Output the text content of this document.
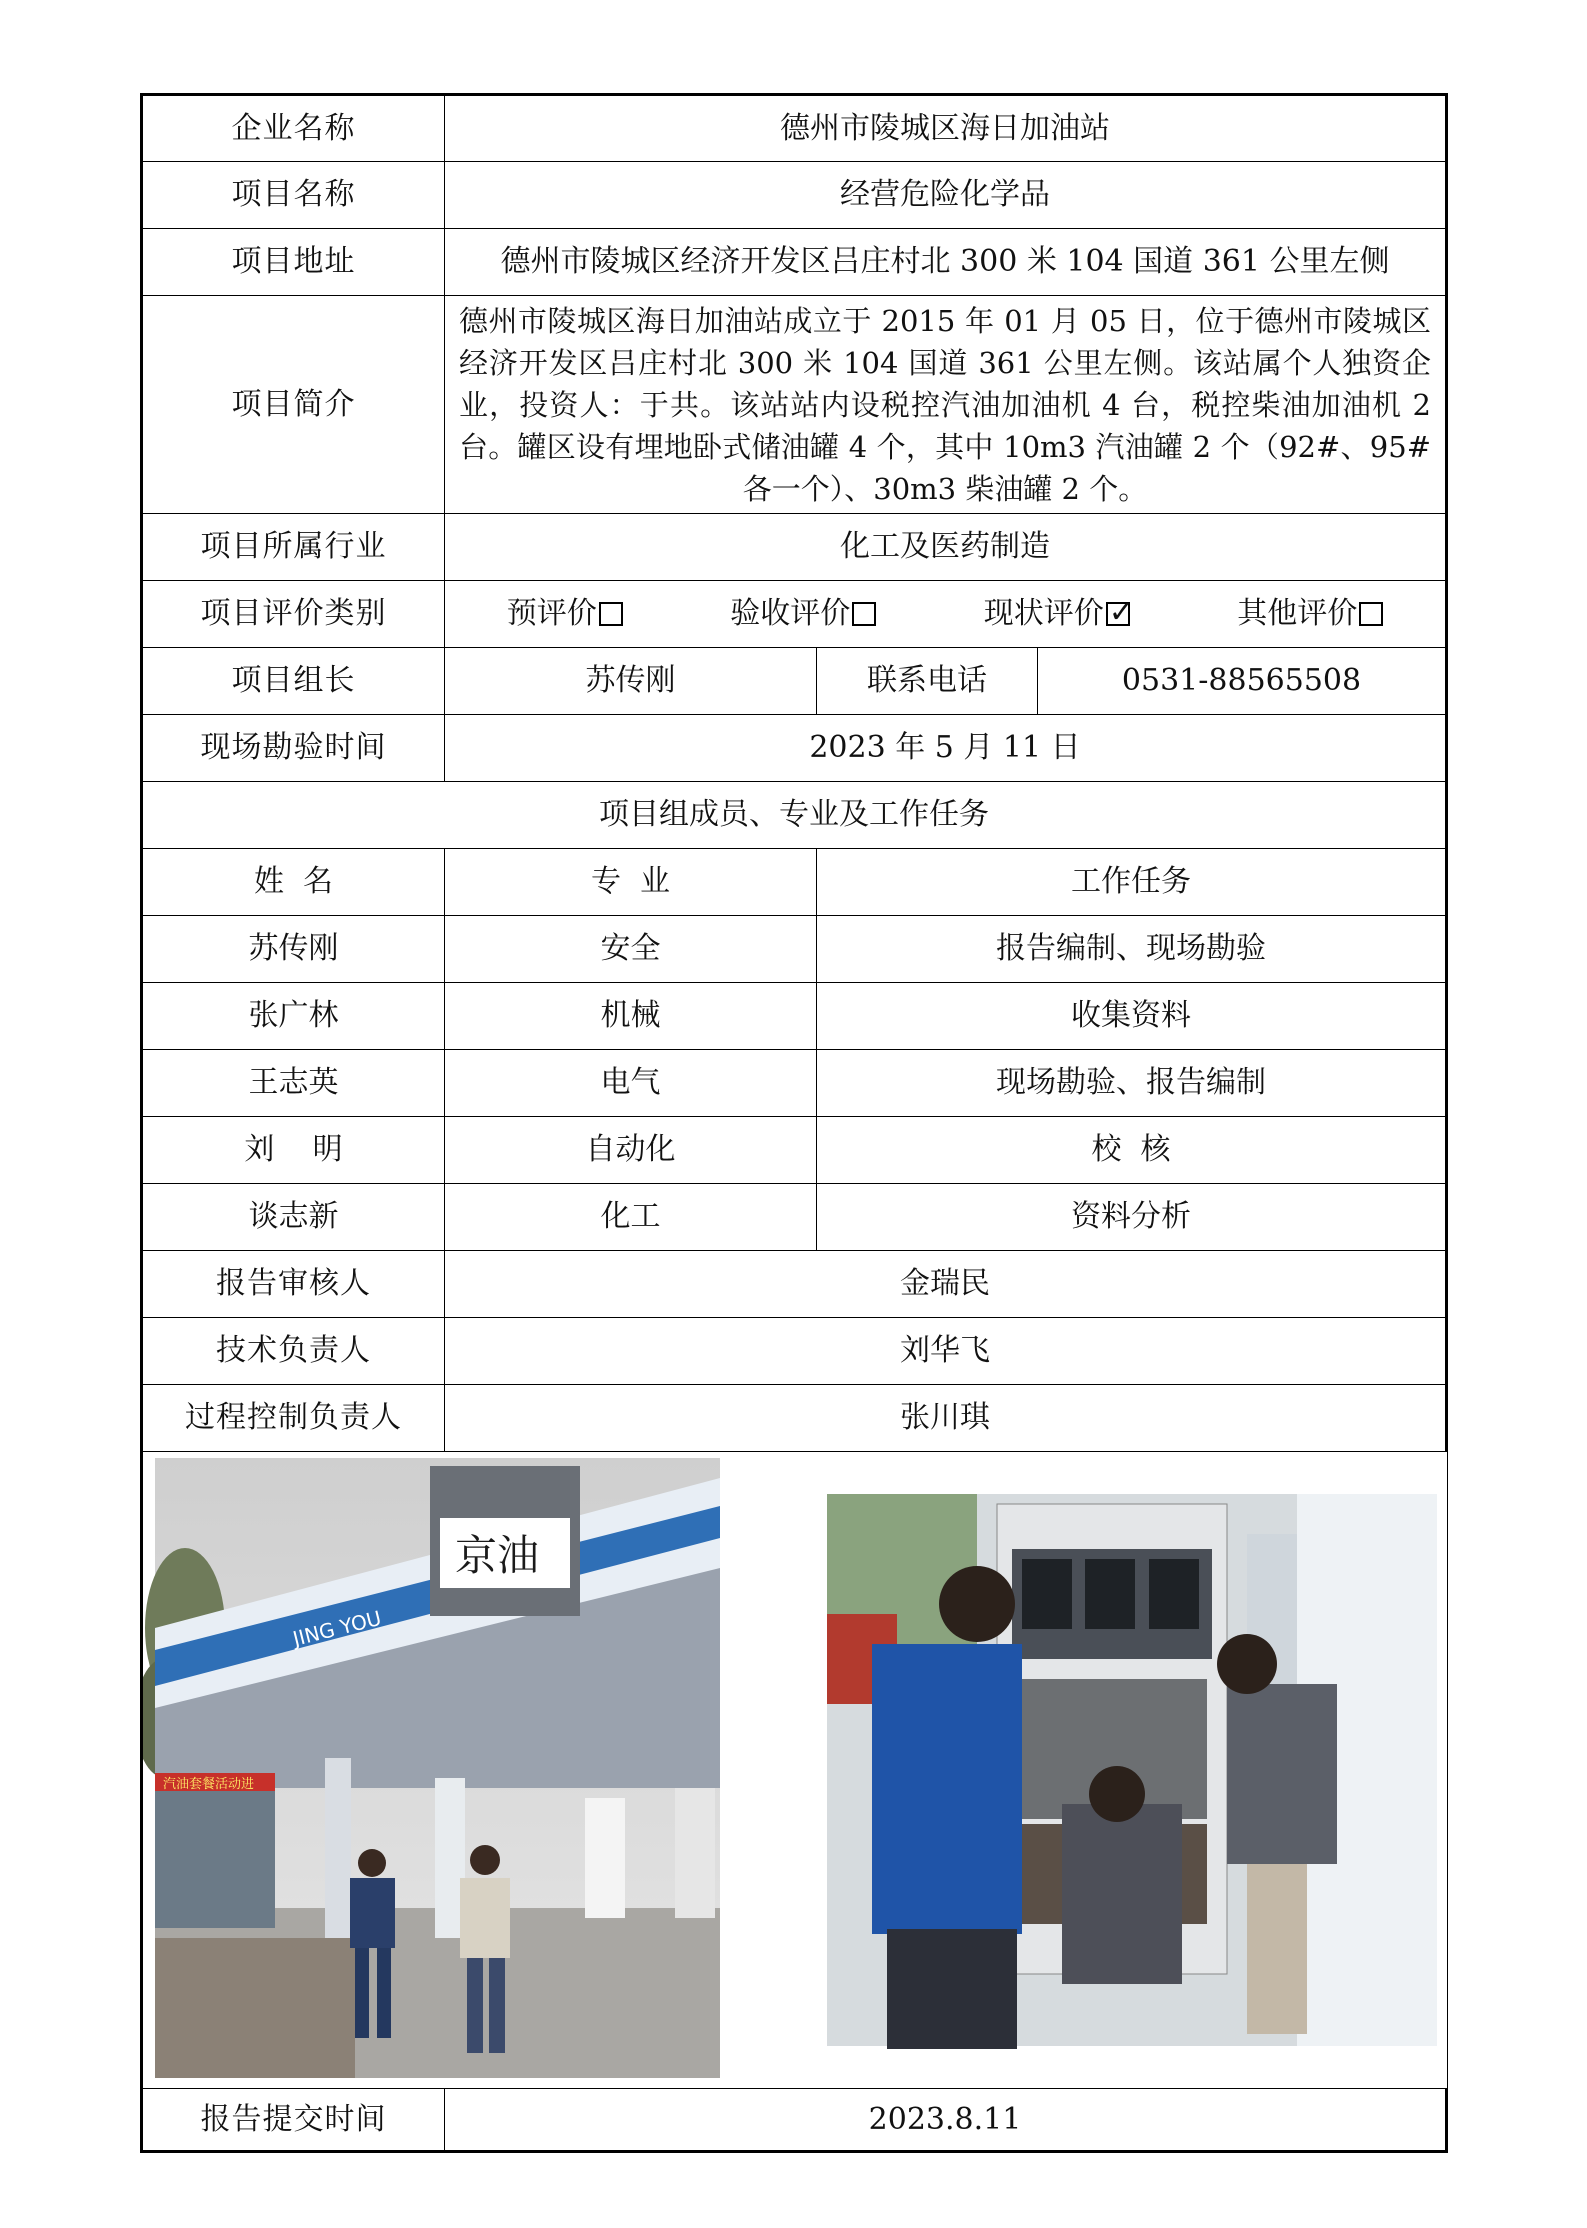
企业名称	德州市陵城区海日加油站		
项目名称	经营危险化学品		
项目地址	德州市陵城区经济开发区吕庄村北 300 米 104 国道 361 公里左侧		
项目简介	德州市陵城区海日加油站成立于 2015 年 01 月 05 日，位于德州市陵城区经济开发区吕庄村北 300 米 104 国道 361 公里左侧。该站属个人独资企业，投资人：于共。该站站内设税控汽油加油机 4 台，税控柴油加油机 2 台。罐区设有埋地卧式储油罐 4 个，其中 10m3 汽油罐 2 个（92#、95#各一个）、30m3 柴油罐 2 个。		
项目所属行业	化工及医药制造		
项目评价类别	预评价 验收评价 现状评价 ✓ 其他评价

项目组长	苏传刚	联系电话	0531-88565508
现场勘验时间	2023 年 5 月 11 日		
项目组成员、专业及工作任务			
姓  名	专  业	工作任务	
苏传刚	安全	报告编制、现场勘验	
张广林	机械	收集资料	
王志英	电气	现场勘验、报告编制	
刘    明	自动化	校  核	
谈志新	化工	资料分析	
报告审核人	金瑞民		
技术负责人	刘华飞		
过程控制负责人	张川琪		

JING YOU
京油
汽油套餐活动进

报告提交时间	2023.8.11		
